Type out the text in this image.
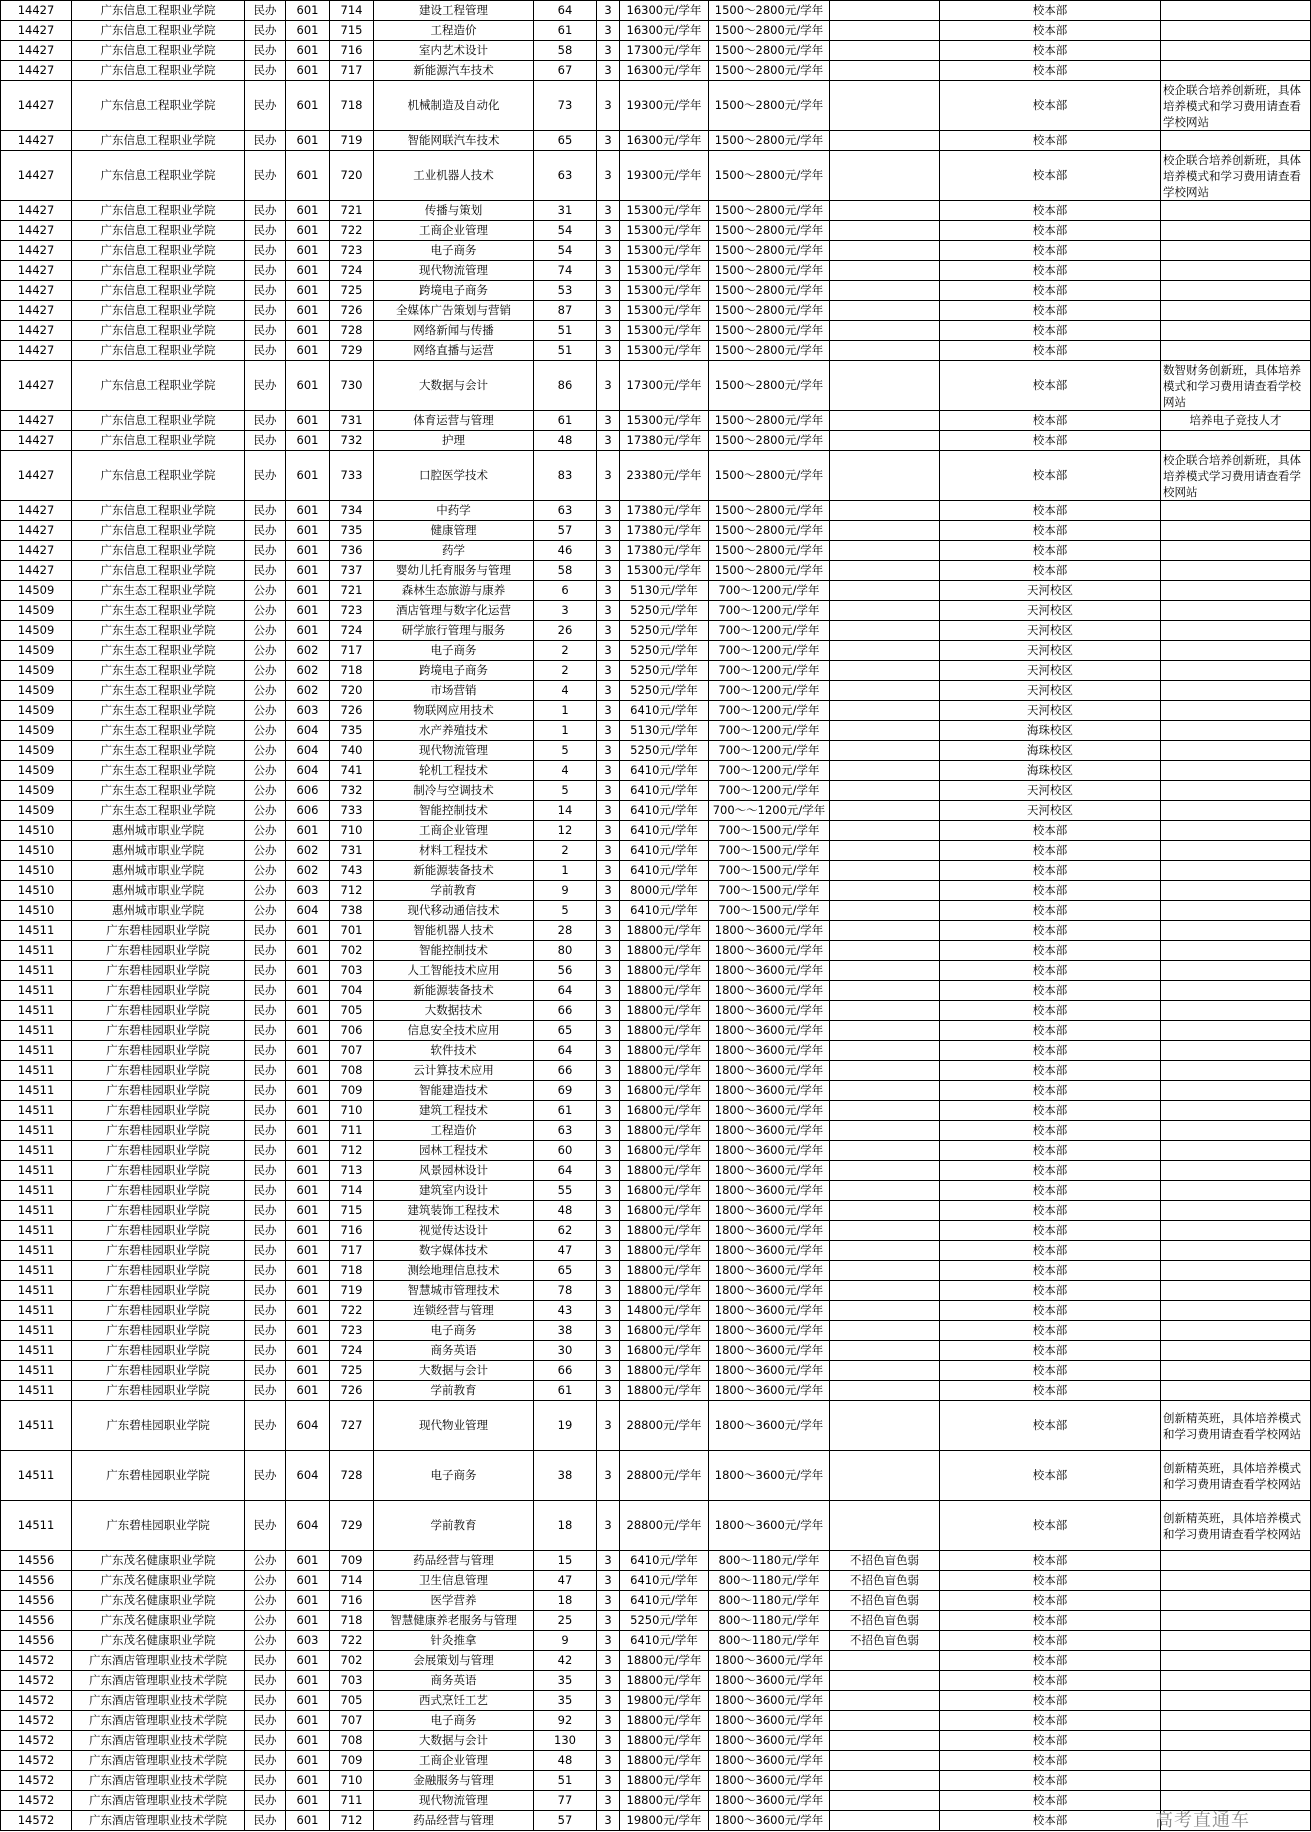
14427	广东信息工程职业学院	民办	601	714	建设工程管理	64	3	16300元/学年	1500～2800元/学年		校本部	
14427	广东信息工程职业学院	民办	601	715	工程造价	61	3	16300元/学年	1500～2800元/学年		校本部	
14427	广东信息工程职业学院	民办	601	716	室内艺术设计	58	3	17300元/学年	1500～2800元/学年		校本部	
14427	广东信息工程职业学院	民办	601	717	新能源汽车技术	67	3	16300元/学年	1500～2800元/学年		校本部	
14427	广东信息工程职业学院	民办	601	718	机械制造及自动化	73	3	19300元/学年	1500～2800元/学年		校本部	校企联合培养创新班，具体培养模式和学习费用请查看学校网站
14427	广东信息工程职业学院	民办	601	719	智能网联汽车技术	65	3	16300元/学年	1500～2800元/学年		校本部	
14427	广东信息工程职业学院	民办	601	720	工业机器人技术	63	3	19300元/学年	1500～2800元/学年		校本部	校企联合培养创新班，具体培养模式和学习费用请查看学校网站
14427	广东信息工程职业学院	民办	601	721	传播与策划	31	3	15300元/学年	1500～2800元/学年		校本部	
14427	广东信息工程职业学院	民办	601	722	工商企业管理	54	3	15300元/学年	1500～2800元/学年		校本部	
14427	广东信息工程职业学院	民办	601	723	电子商务	54	3	15300元/学年	1500～2800元/学年		校本部	
14427	广东信息工程职业学院	民办	601	724	现代物流管理	74	3	15300元/学年	1500～2800元/学年		校本部	
14427	广东信息工程职业学院	民办	601	725	跨境电子商务	53	3	15300元/学年	1500～2800元/学年		校本部	
14427	广东信息工程职业学院	民办	601	726	全媒体广告策划与营销	87	3	15300元/学年	1500～2800元/学年		校本部	
14427	广东信息工程职业学院	民办	601	728	网络新闻与传播	51	3	15300元/学年	1500～2800元/学年		校本部	
14427	广东信息工程职业学院	民办	601	729	网络直播与运营	51	3	15300元/学年	1500～2800元/学年		校本部	
14427	广东信息工程职业学院	民办	601	730	大数据与会计	86	3	17300元/学年	1500～2800元/学年		校本部	数智财务创新班，具体培养模式和学习费用请查看学校网站
14427	广东信息工程职业学院	民办	601	731	体育运营与管理	61	3	15300元/学年	1500～2800元/学年		校本部	培养电子竞技人才
14427	广东信息工程职业学院	民办	601	732	护理	48	3	17380元/学年	1500～2800元/学年		校本部	
14427	广东信息工程职业学院	民办	601	733	口腔医学技术	83	3	23380元/学年	1500～2800元/学年		校本部	校企联合培养创新班，具体培养模式学习费用请查看学校网站
14427	广东信息工程职业学院	民办	601	734	中药学	63	3	17380元/学年	1500～2800元/学年		校本部	
14427	广东信息工程职业学院	民办	601	735	健康管理	57	3	17380元/学年	1500～2800元/学年		校本部	
14427	广东信息工程职业学院	民办	601	736	药学	46	3	17380元/学年	1500～2800元/学年		校本部	
14427	广东信息工程职业学院	民办	601	737	婴幼儿托育服务与管理	58	3	15300元/学年	1500～2800元/学年		校本部	
14509	广东生态工程职业学院	公办	601	721	森林生态旅游与康养	6	3	5130元/学年	700～1200元/学年		天河校区	
14509	广东生态工程职业学院	公办	601	723	酒店管理与数字化运营	3	3	5250元/学年	700～1200元/学年		天河校区	
14509	广东生态工程职业学院	公办	601	724	研学旅行管理与服务	26	3	5250元/学年	700～1200元/学年		天河校区	
14509	广东生态工程职业学院	公办	602	717	电子商务	2	3	5250元/学年	700～1200元/学年		天河校区	
14509	广东生态工程职业学院	公办	602	718	跨境电子商务	2	3	5250元/学年	700～1200元/学年		天河校区	
14509	广东生态工程职业学院	公办	602	720	市场营销	4	3	5250元/学年	700～1200元/学年		天河校区	
14509	广东生态工程职业学院	公办	603	726	物联网应用技术	1	3	6410元/学年	700～1200元/学年		天河校区	
14509	广东生态工程职业学院	公办	604	735	水产养殖技术	1	3	5130元/学年	700～1200元/学年		海珠校区	
14509	广东生态工程职业学院	公办	604	740	现代物流管理	5	3	5250元/学年	700～1200元/学年		海珠校区	
14509	广东生态工程职业学院	公办	604	741	轮机工程技术	4	3	6410元/学年	700～1200元/学年		海珠校区	
14509	广东生态工程职业学院	公办	606	732	制冷与空调技术	5	3	6410元/学年	700～1200元/学年		天河校区	
14509	广东生态工程职业学院	公办	606	733	智能控制技术	14	3	6410元/学年	700～～1200元/学年		天河校区	
14510	惠州城市职业学院	公办	601	710	工商企业管理	12	3	6410元/学年	700～1500元/学年		校本部	
14510	惠州城市职业学院	公办	602	731	材料工程技术	2	3	6410元/学年	700～1500元/学年		校本部	
14510	惠州城市职业学院	公办	602	743	新能源装备技术	1	3	6410元/学年	700～1500元/学年		校本部	
14510	惠州城市职业学院	公办	603	712	学前教育	9	3	8000元/学年	700～1500元/学年		校本部	
14510	惠州城市职业学院	公办	604	738	现代移动通信技术	5	3	6410元/学年	700～1500元/学年		校本部	
14511	广东碧桂园职业学院	民办	601	701	智能机器人技术	28	3	18800元/学年	1800～3600元/学年		校本部	
14511	广东碧桂园职业学院	民办	601	702	智能控制技术	80	3	18800元/学年	1800～3600元/学年		校本部	
14511	广东碧桂园职业学院	民办	601	703	人工智能技术应用	56	3	18800元/学年	1800～3600元/学年		校本部	
14511	广东碧桂园职业学院	民办	601	704	新能源装备技术	64	3	18800元/学年	1800～3600元/学年		校本部	
14511	广东碧桂园职业学院	民办	601	705	大数据技术	66	3	18800元/学年	1800～3600元/学年		校本部	
14511	广东碧桂园职业学院	民办	601	706	信息安全技术应用	65	3	18800元/学年	1800～3600元/学年		校本部	
14511	广东碧桂园职业学院	民办	601	707	软件技术	64	3	18800元/学年	1800～3600元/学年		校本部	
14511	广东碧桂园职业学院	民办	601	708	云计算技术应用	66	3	18800元/学年	1800～3600元/学年		校本部	
14511	广东碧桂园职业学院	民办	601	709	智能建造技术	69	3	16800元/学年	1800～3600元/学年		校本部	
14511	广东碧桂园职业学院	民办	601	710	建筑工程技术	61	3	16800元/学年	1800～3600元/学年		校本部	
14511	广东碧桂园职业学院	民办	601	711	工程造价	63	3	18800元/学年	1800～3600元/学年		校本部	
14511	广东碧桂园职业学院	民办	601	712	园林工程技术	60	3	16800元/学年	1800～3600元/学年		校本部	
14511	广东碧桂园职业学院	民办	601	713	风景园林设计	64	3	18800元/学年	1800～3600元/学年		校本部	
14511	广东碧桂园职业学院	民办	601	714	建筑室内设计	55	3	16800元/学年	1800～3600元/学年		校本部	
14511	广东碧桂园职业学院	民办	601	715	建筑装饰工程技术	48	3	16800元/学年	1800～3600元/学年		校本部	
14511	广东碧桂园职业学院	民办	601	716	视觉传达设计	62	3	18800元/学年	1800～3600元/学年		校本部	
14511	广东碧桂园职业学院	民办	601	717	数字媒体技术	47	3	18800元/学年	1800～3600元/学年		校本部	
14511	广东碧桂园职业学院	民办	601	718	测绘地理信息技术	65	3	18800元/学年	1800～3600元/学年		校本部	
14511	广东碧桂园职业学院	民办	601	719	智慧城市管理技术	78	3	18800元/学年	1800～3600元/学年		校本部	
14511	广东碧桂园职业学院	民办	601	722	连锁经营与管理	43	3	14800元/学年	1800～3600元/学年		校本部	
14511	广东碧桂园职业学院	民办	601	723	电子商务	38	3	16800元/学年	1800～3600元/学年		校本部	
14511	广东碧桂园职业学院	民办	601	724	商务英语	30	3	16800元/学年	1800～3600元/学年		校本部	
14511	广东碧桂园职业学院	民办	601	725	大数据与会计	66	3	18800元/学年	1800～3600元/学年		校本部	
14511	广东碧桂园职业学院	民办	601	726	学前教育	61	3	18800元/学年	1800～3600元/学年		校本部	
14511	广东碧桂园职业学院	民办	604	727	现代物业管理	19	3	28800元/学年	1800～3600元/学年		校本部	创新精英班，具体培养模式和学习费用请查看学校网站
14511	广东碧桂园职业学院	民办	604	728	电子商务	38	3	28800元/学年	1800～3600元/学年		校本部	创新精英班，具体培养模式和学习费用请查看学校网站
14511	广东碧桂园职业学院	民办	604	729	学前教育	18	3	28800元/学年	1800～3600元/学年		校本部	创新精英班，具体培养模式和学习费用请查看学校网站
14556	广东茂名健康职业学院	公办	601	709	药品经营与管理	15	3	6410元/学年	800～1180元/学年	不招色盲色弱	校本部	
14556	广东茂名健康职业学院	公办	601	714	卫生信息管理	47	3	6410元/学年	800～1180元/学年	不招色盲色弱	校本部	
14556	广东茂名健康职业学院	公办	601	716	医学营养	18	3	6410元/学年	800～1180元/学年	不招色盲色弱	校本部	
14556	广东茂名健康职业学院	公办	601	718	智慧健康养老服务与管理	25	3	5250元/学年	800～1180元/学年	不招色盲色弱	校本部	
14556	广东茂名健康职业学院	公办	603	722	针灸推拿	9	3	6410元/学年	800～1180元/学年	不招色盲色弱	校本部	
14572	广东酒店管理职业技术学院	民办	601	702	会展策划与管理	42	3	18800元/学年	1800～3600元/学年		校本部	
14572	广东酒店管理职业技术学院	民办	601	703	商务英语	35	3	18800元/学年	1800～3600元/学年		校本部	
14572	广东酒店管理职业技术学院	民办	601	705	西式烹饪工艺	35	3	19800元/学年	1800～3600元/学年		校本部	
14572	广东酒店管理职业技术学院	民办	601	707	电子商务	92	3	18800元/学年	1800～3600元/学年		校本部	
14572	广东酒店管理职业技术学院	民办	601	708	大数据与会计	130	3	18800元/学年	1800～3600元/学年		校本部	
14572	广东酒店管理职业技术学院	民办	601	709	工商企业管理	48	3	18800元/学年	1800～3600元/学年		校本部	
14572	广东酒店管理职业技术学院	民办	601	710	金融服务与管理	51	3	18800元/学年	1800～3600元/学年		校本部	
14572	广东酒店管理职业技术学院	民办	601	711	现代物流管理	77	3	18800元/学年	1800～3600元/学年		校本部	
14572	广东酒店管理职业技术学院	民办	601	712	药品经营与管理	57	3	19800元/学年	1800～3600元/学年		校本部		高考直通车
